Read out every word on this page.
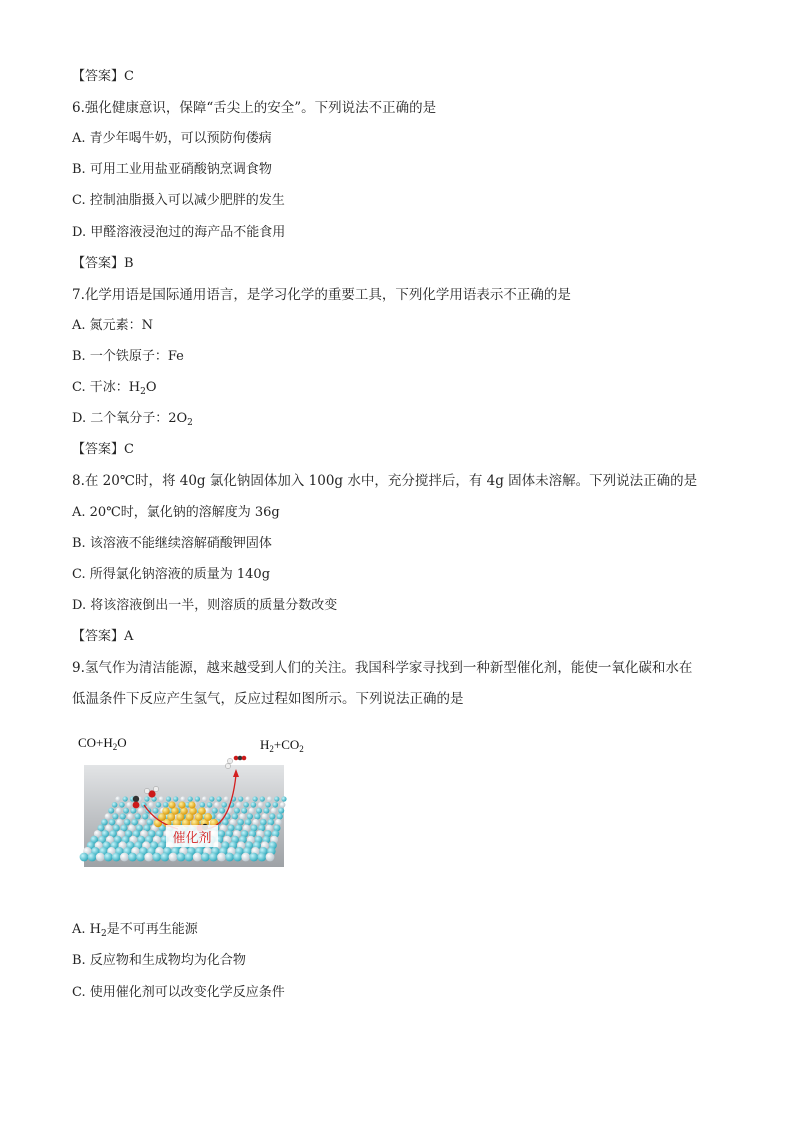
【答案】C
6.强化健康意识，保障“舌尖上的安全”。下列说法不正确的是
A. 青少年喝牛奶，可以预防佝偻病
B. 可用工业用盐亚硝酸钠烹调食物
C. 控制油脂摄入可以减少肥胖的发生
D. 甲醛溶液浸泡过的海产品不能食用
【答案】B
7.化学用语是国际通用语言，是学习化学的重要工具，下列化学用语表示不正确的是
A. 氮元素：N
B. 一个铁原子：Fe
C. 干冰：$H_2O$
D. 二个氧分子：$2O_2$
【答案】C
8.在 20℃时，将 40g 氯化钠固体加入 100g 水中，充分搅拌后，有 4g 固体未溶解。下列说法正确的是
A. 20℃时，氯化钠的溶解度为 36g
B. 该溶液不能继续溶解硝酸钾固体
C. 所得氯化钠溶液的质量为 140g
D. 将该溶液倒出一半，则溶质的质量分数改变
【答案】A
9.氢气作为清洁能源，越来越受到人们的关注。我国科学家寻找到一种新型催化剂，能使一氧化碳和水在
低温条件下反应产生氢气，反应过程如图所示。下列说法正确的是
$CO+H_2O$	$H_2+CO_2$
催化剂
A. $H_2$是不可再生能源
B. 反应物和生成物均为化合物
C. 使用催化剂可以改变化学反应条件
